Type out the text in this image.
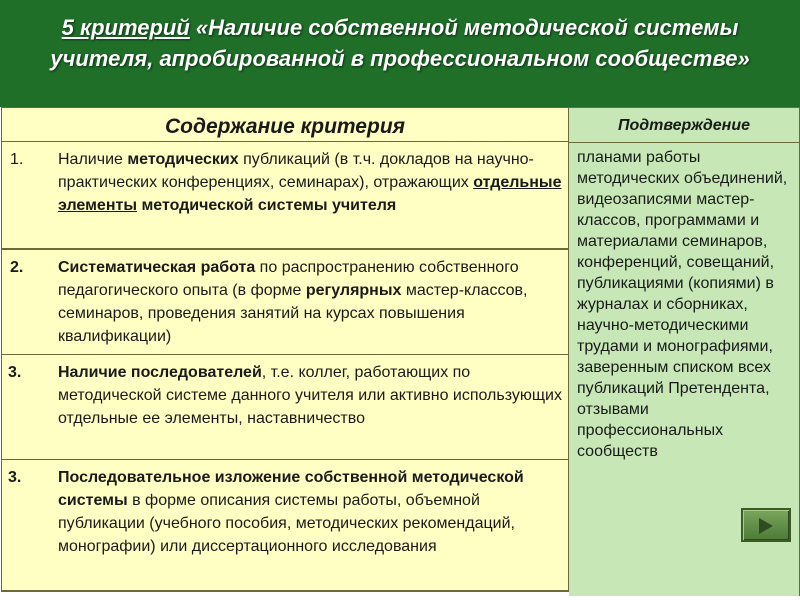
5 критерий «Наличие собственной методической системы учителя, апробированной в профессиональном сообществе»
Содержание критерия	Подтверждение
1. Наличие методических публикаций (в т.ч. докладов на научно-практических конференциях, семинарах), отражающих отдельные элементы методической системы учителя
2. Систематическая работа по распространению собственного педагогического опыта (в форме регулярных мастер-классов, семинаров, проведения занятий на курсах повышения квалификации)
3. Наличие последователей, т.е. коллег, работающих по методической системе данного учителя или активно использующих отдельные ее элементы, наставничество
3. Последовательное изложение собственной методической системы в форме описания системы работы, объемной публикации (учебного пособия, методических рекомендаций, монографии) или диссертационного исследования
планами работы методических объединений, видеозаписями мастер-классов, программами и материалами семинаров, конференций, совещаний, публикациями (копиями) в журналах и сборниках, научно-методическими трудами и монографиями, заверенным списком всех публикаций Претендента, отзывами профессиональных сообществ
